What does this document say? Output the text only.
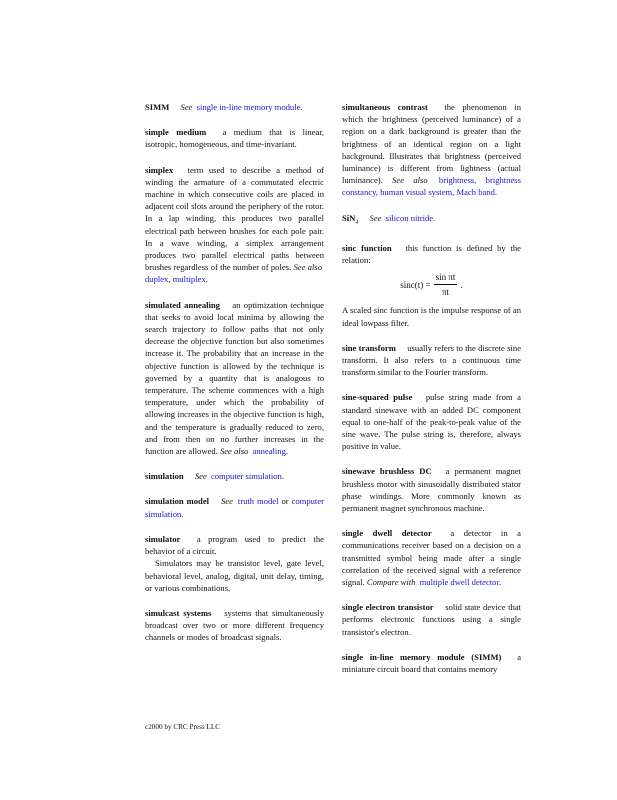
SIMM See single in-line memory module.

simple medium a medium that is linear, isotropic, homogeneous, and time-invariant.

simplex term used to describe a method of winding the armature of a commutated electric machine in which consecutive coils are placed in adjacent coil slots around the periphery of the rotor. In a lap winding, this produces two parallel electrical path between brushes for each pole pair. In a wave winding, a simplex arrangement produces two parallel electrical paths between brushes regardless of the number of poles. See also duplex, multiplex.

simulated annealing an optimization technique that seeks to avoid local minima by allowing the search trajectory to follow paths that not only decrease the objective function but also sometimes increase it. The probability that an increase in the objective function is allowed by the technique is governed by a quantity that is analogous to temperature. The scheme commences with a high temperature, under which the probability of allowing increases in the objective function is high, and the temperature is gradually reduced to zero, and from then on no further increases in the function are allowed. See also annealing.

simulation See computer simulation.

simulation model See truth model or computer simulation.

simulator a program used to predict the behavior of a circuit.

Simulators may be transistor level, gate level, behavioral level, analog, digital, unit delay, timing, or various combinations.

simulcast systems systems that simultaneously broadcast over two or more different frequency channels or modes of broadcast signals.

simultaneous contrast the phenomenon in which the brightness (perceived luminance) of a region on a dark background is greater than the brightness of an identical region on a light background. Illustrates that brightness (perceived luminance) is different from lightness (actual luminance). See also brightness, brightness constancy, human visual system, Mach band.

SiN$_4$ See silicon nitride.

sinc function this function is defined by the relation:

$\sin c(t) = \frac{\text{sin πt}}{\pi t}$ .

A scaled sinc function is the impulse response of an ideal lowpass filter.

sine transform usually refers to the discrete sine transform. It also refers to a continuous time transform similar to the Fourier transform.

sine-squared pulse pulse string made from a standard sinewave with an added DC component equal to one-half of the peak-to-peak value of the sine wave. The pulse string is, therefore, always positive in value.

sinewave brushless DC a permanent magnet brushless motor with sinusoidally distributed stator phase windings. More commonly known as permanent magnet synchronous machine.

single dwell detector a detector in a communications receiver based on a decision on a transmitted symbol being made after a single correlation of the received signal with a reference signal. Compare with multiple dwell detector.

single electron transistor solid state device that performs electronic functions using a single transistor's electron.

single in-line memory module (SIMM) a miniature circuit board that contains memory

c2000 by CRC Press LLC
